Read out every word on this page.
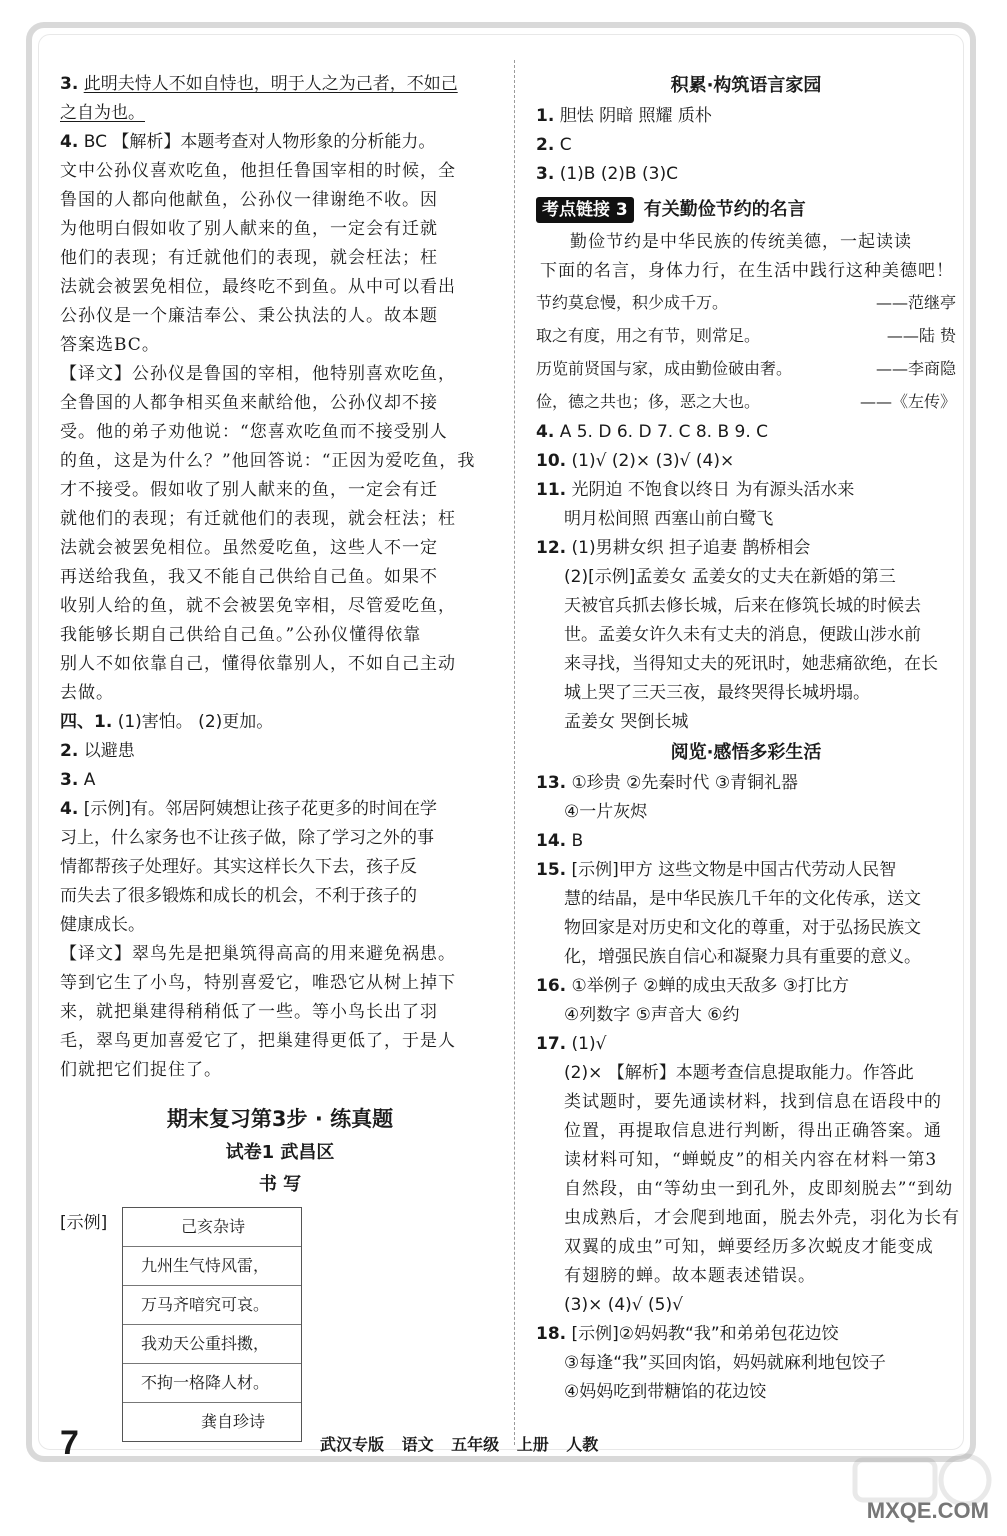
3. 此明夫恃人不如自恃也，明于人之为己者，不如己
之自为也。
4. BC 【解析】本题考查对人物形象的分析能力。
文中公孙仪喜欢吃鱼，他担任鲁国宰相的时候，全
鲁国的人都向他献鱼，公孙仪一律谢绝不收。因
为他明白假如收了别人献来的鱼，一定会有迁就
他们的表现；有迁就他们的表现，就会枉法；枉
法就会被罢免相位，最终吃不到鱼。从中可以看出
公孙仪是一个廉洁奉公、秉公执法的人。故本题
答案选BC。
【译文】公孙仪是鲁国的宰相，他特别喜欢吃鱼，
全鲁国的人都争相买鱼来献给他，公孙仪却不接
受。他的弟子劝他说：“您喜欢吃鱼而不接受别人
的鱼，这是为什么？”他回答说：“正因为爱吃鱼，我
才不接受。假如收了别人献来的鱼，一定会有迁
就他们的表现；有迁就他们的表现，就会枉法；枉
法就会被罢免相位。虽然爱吃鱼，这些人不一定
再送给我鱼，我又不能自己供给自己鱼。如果不
收别人给的鱼，就不会被罢免宰相，尽管爱吃鱼，
我能够长期自己供给自己鱼。”公孙仪懂得依靠
别人不如依靠自己，懂得依靠别人，不如自己主动
去做。
四、1. (1)害怕。 (2)更加。
2. 以避患
3. A
4. [示例]有。邻居阿姨想让孩子花更多的时间在学
习上，什么家务也不让孩子做，除了学习之外的事
情都帮孩子处理好。其实这样长久下去，孩子反
而失去了很多锻炼和成长的机会，不利于孩子的
健康成长。
【译文】翠鸟先是把巢筑得高高的用来避免祸患。
等到它生了小鸟，特别喜爱它，唯恐它从树上掉下
来，就把巢建得稍稍低了一些。等小鸟长出了羽
毛，翠鸟更加喜爱它了，把巢建得更低了，于是人
们就把它们捉住了。
期末复习第3步 · 练真题
试卷1 武昌区
书 写
[示例]	己亥杂诗
九州生气恃风雷，
万马齐喑究可哀。
我劝天公重抖擞，
不拘一格降人材。
龚自珍诗
积累·构筑语言家园
1. 胆怯 阴暗 照耀 质朴
2. C
3. (1)B (2)B (3)C
考点链接 3 有关勤俭节约的名言
勤俭节约是中华民族的传统美德，一起读读
下面的名言，身体力行，在生活中践行这种美德吧！
节约莫怠慢，积少成千万。	——范继亭
取之有度，用之有节，则常足。	——陆 贽
历览前贤国与家，成由勤俭破由奢。	——李商隐
俭，德之共也；侈，恶之大也。	——《左传》
4. A 5. D 6. D 7. C 8. B 9. C
10. (1)√ (2)× (3)√ (4)×
11. 光阴迫 不饱食以终日 为有源头活水来
明月松间照 西塞山前白鹭飞
12. (1)男耕女织 担子追妻 鹊桥相会
(2)[示例]孟姜女 孟姜女的丈夫在新婚的第三
天被官兵抓去修长城，后来在修筑长城的时候去
世。孟姜女许久未有丈夫的消息，便跋山涉水前
来寻找，当得知丈夫的死讯时，她悲痛欲绝，在长
城上哭了三天三夜，最终哭得长城坍塌。
孟姜女 哭倒长城
阅览·感悟多彩生活
13. ①珍贵 ②先秦时代 ③青铜礼器
④一片灰烬
14. B
15. [示例]甲方 这些文物是中国古代劳动人民智
慧的结晶，是中华民族几千年的文化传承，送文
物回家是对历史和文化的尊重，对于弘扬民族文
化，增强民族自信心和凝聚力具有重要的意义。
16. ①举例子 ②蝉的成虫天敌多 ③打比方
④列数字 ⑤声音大 ⑥约
17. (1)√
(2)× 【解析】本题考查信息提取能力。作答此
类试题时，要先通读材料，找到信息在语段中的
位置，再提取信息进行判断，得出正确答案。通
读材料可知，“蝉蜕皮”的相关内容在材料一第3
自然段，由“等幼虫一到孔外，皮即刻脱去”“到幼
虫成熟后，才会爬到地面，脱去外壳，羽化为长有
双翼的成虫”可知，蝉要经历多次蜕皮才能变成
有翅膀的蝉。故本题表述错误。
(3)× (4)√ (5)√
18. [示例]②妈妈教“我”和弟弟包花边饺
③每逢“我”买回肉馅，妈妈就麻利地包饺子
④妈妈吃到带糖馅的花边饺
7	武汉专版 语文 五年级 上册 人教
MXQE.COM
